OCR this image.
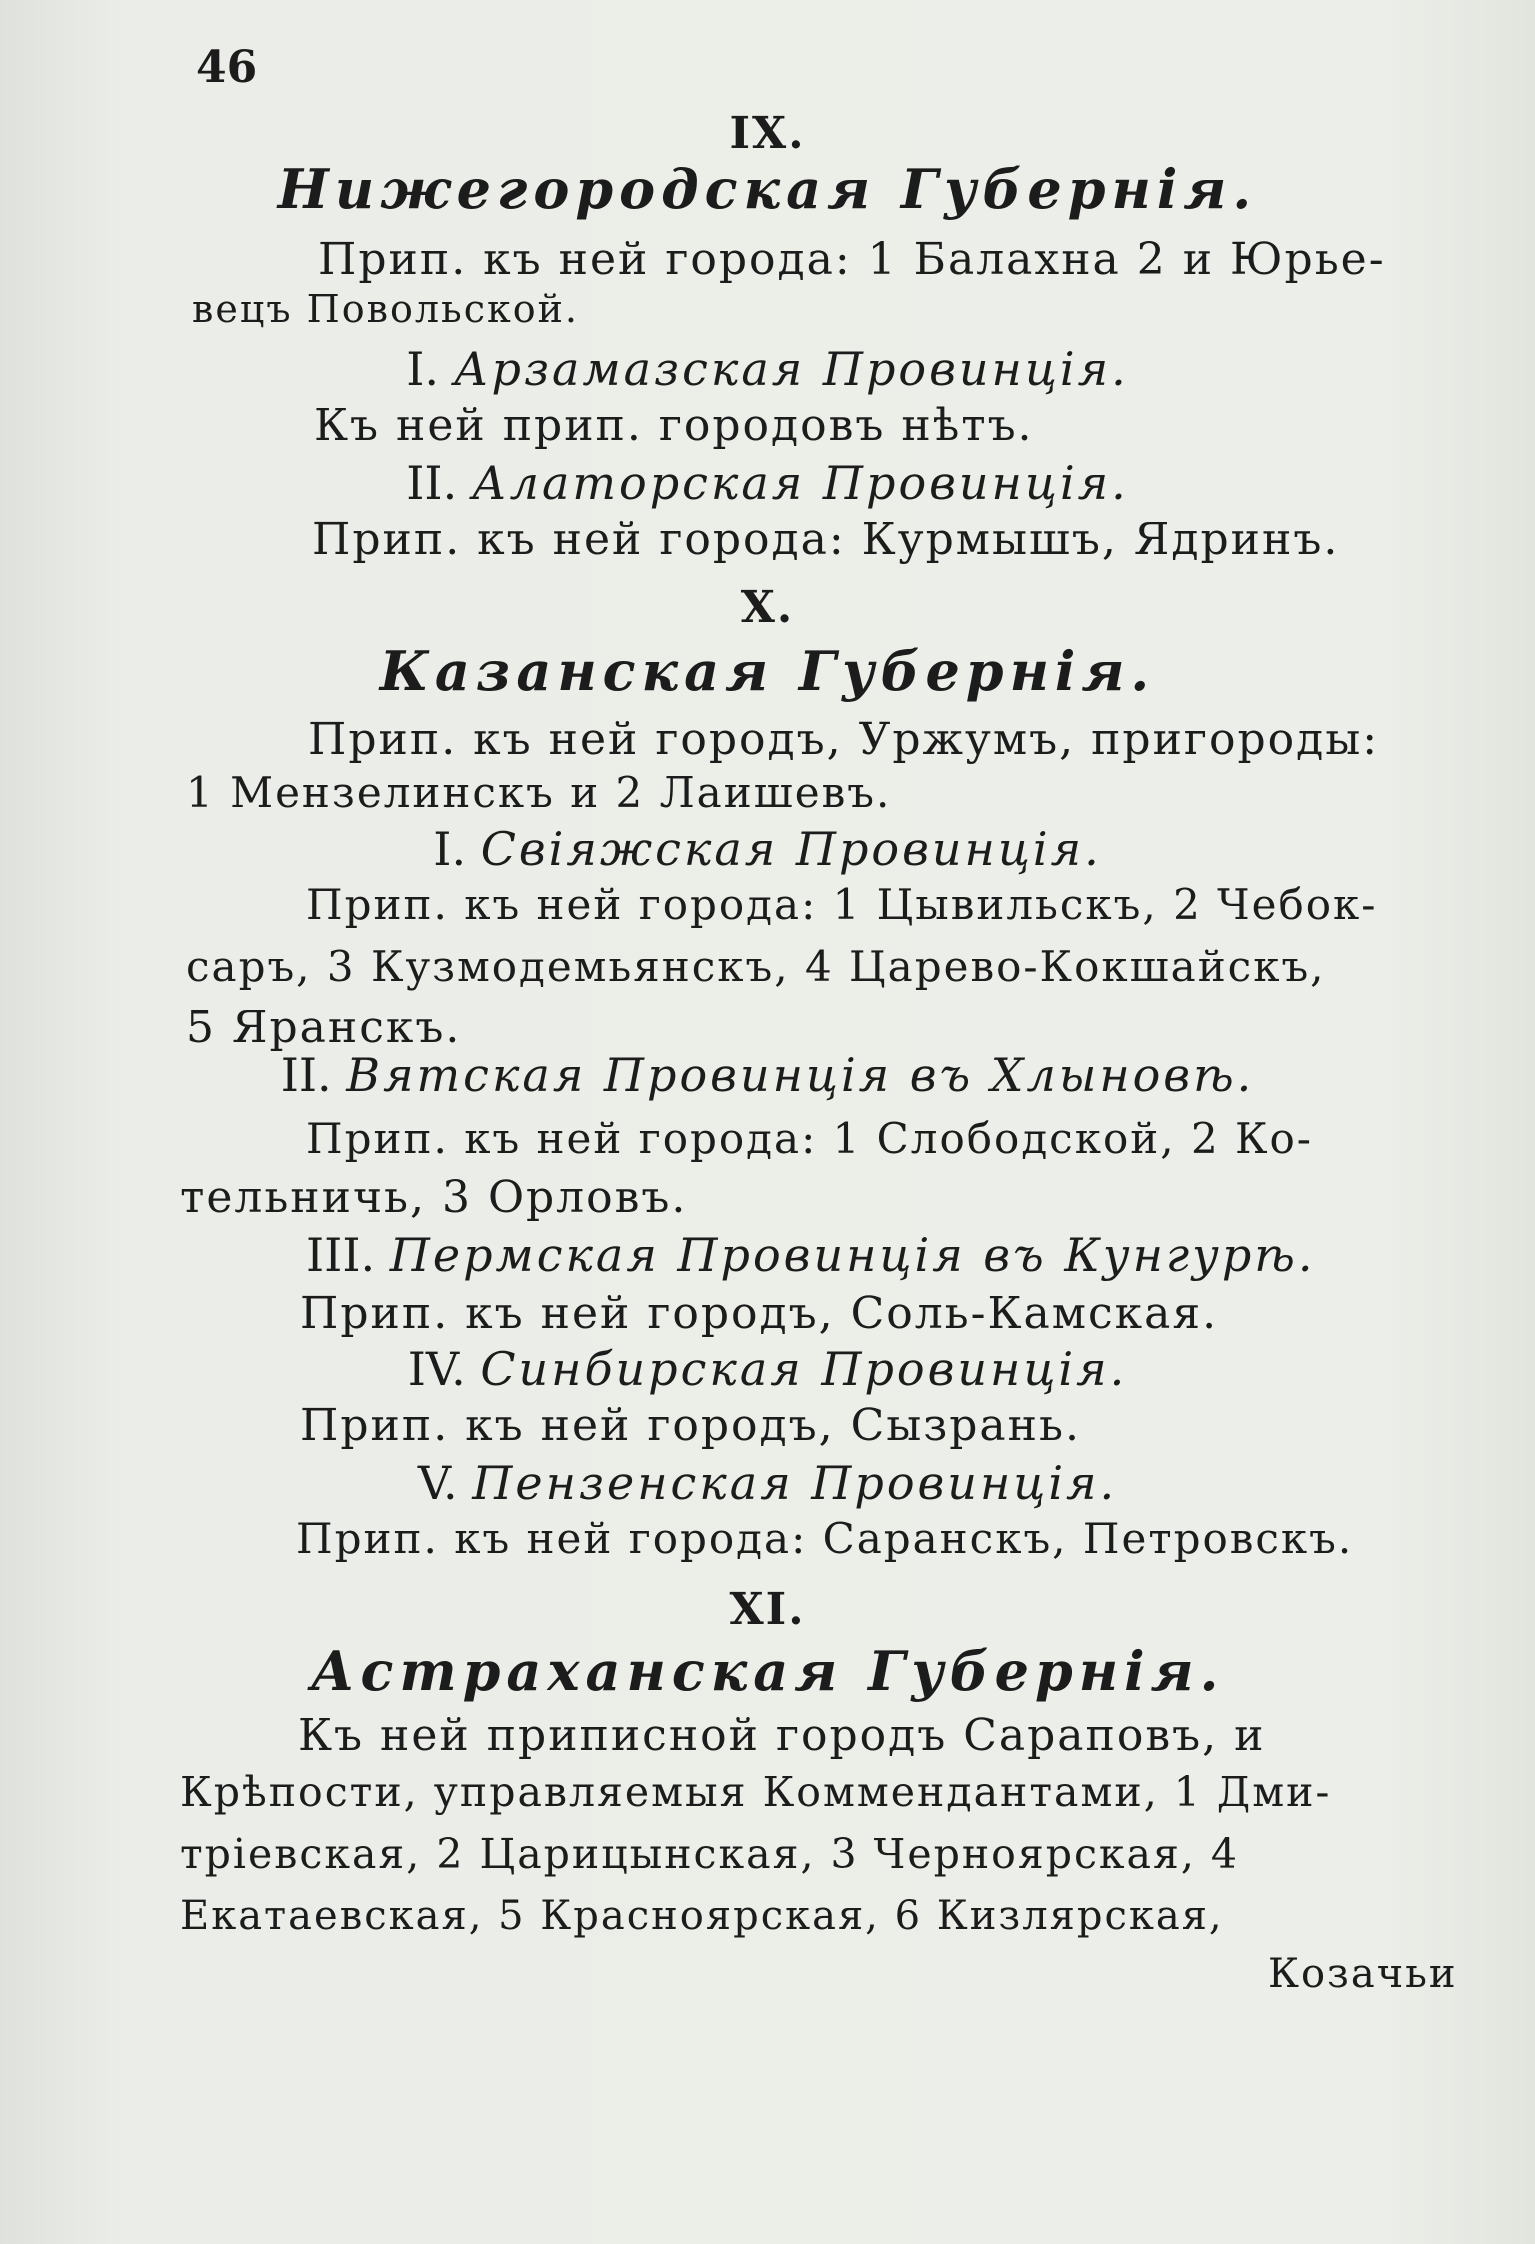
46
IX.
Нижегородская Губернія.
Прип. къ ней города: 1 Балахна 2 и Юрье-
вецъ Повольской.
I. Арзамазская Провинція.
Къ ней прип. городовъ нѣтъ.
II. Алаторская Провинція.
Прип. къ ней города: Курмышъ, Ядринъ.
X.
Казанская Губернія.
Прип. къ ней городъ, Уржумъ, пригороды:
1 Мензелинскъ и 2 Лаишевъ.
I. Свіяжская Провинція.
Прип. къ ней города: 1 Цывильскъ, 2 Чебок-
саръ, 3 Кузмодемьянскъ, 4 Царево-Кокшайскъ,
5 Яранскъ.
II. Вятская Провинція въ Хлыновѣ.
Прип. къ ней города: 1 Слободской, 2 Ко-
тельничь, 3 Орловъ.
III. Пермская Провинція въ Кунгурѣ.
Прип. къ ней городъ, Соль-Камская.
IV. Синбирская Провинція.
Прип. къ ней городъ, Сызрань.
V. Пензенская Провинція.
Прип. къ ней города: Саранскъ, Петровскъ.
XI.
Астраханская Губернія.
Къ ней приписной городъ Сараповъ, и
Крѣпости, управляемыя Коммендантами, 1 Дми-
тріевская, 2 Царицынская, 3 Черноярская, 4
Екатаевская, 5 Красноярская, 6 Кизлярская,
Козачьи
